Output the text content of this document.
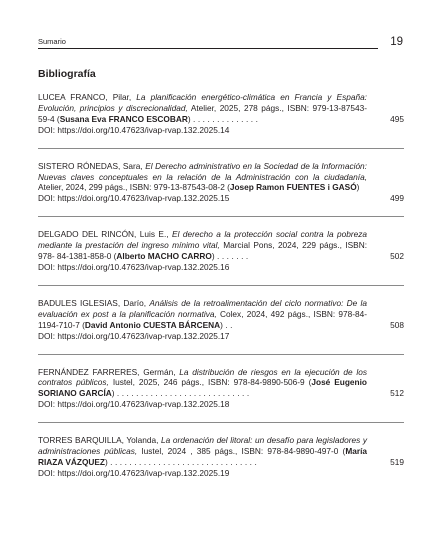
Sumario	19
Bibliografía
LUCEA FRANCO, Pilar, La planificación energético-climática en Francia y España: Evolución, principios y discrecionalidad, Atelier, 2025, 278 págs., ISBN: 979-13-87543-59-4 (Susana Eva FRANCO ESCOBAR) . . . . . . . . . . . . . .
DOI: https://doi.org/10.47623/ivap-rvap.132.2025.14
495
SISTERO RÓNEDAS, Sara, El Derecho administrativo en la Sociedad de la Información: Nuevas claves conceptuales en la relación de la Administración con la ciudadanía, Atelier, 2024, 299 págs., ISBN: 979-13-87543-08-2 (Josep Ramon FUENTES i GASÓ)
DOI: https://doi.org/10.47623/ivap-rvap.132.2025.15	499
DELGADO DEL RINCÓN, Luis E., El derecho a la protección social contra la pobreza mediante la prestación del ingreso mínimo vital, Marcial Pons, 2024, 229 págs., ISBN: 978- 84-1381-858-0 (Alberto MACHO CARRO) . . . . . . .
DOI: https://doi.org/10.47623/ivap-rvap.132.2025.16
502
BADULES IGLESIAS, Darío, Análisis de la retroalimentación del ciclo normativo: De la evaluación ex post a la planificación normativa, Colex, 2024, 492 págs., ISBN: 978-84-1194-710-7 (David Antonio CUESTA BÁRCENA) . .
DOI: https://doi.org/10.47623/ivap-rvap.132.2025.17
508
FERNÁNDEZ FARRERES, Germán, La distribución de riesgos en la ejecución de los contratos públicos, Iustel, 2025, 246 págs., ISBN: 978-84-9890-506-9 (José Eugenio SORIANO GARCÍA) . . . . . . . . . . . . . . . . . . . . . . . . . . . .
DOI: https://doi.org/10.47623/ivap-rvap.132.2025.18
512
TORRES BARQUILLA, Yolanda, La ordenación del litoral: un desafío para legisladores y administraciones públicas, Iustel, 2024 , 385 págs., ISBN: 978-84-9890-497-0 (María RIAZA VÁZQUEZ) . . . . . . . . . . . . . . . . . . . . . . . . . . . . . . .
DOI: https://doi.org/10.47623/ivap-rvap.132.2025.19
519
